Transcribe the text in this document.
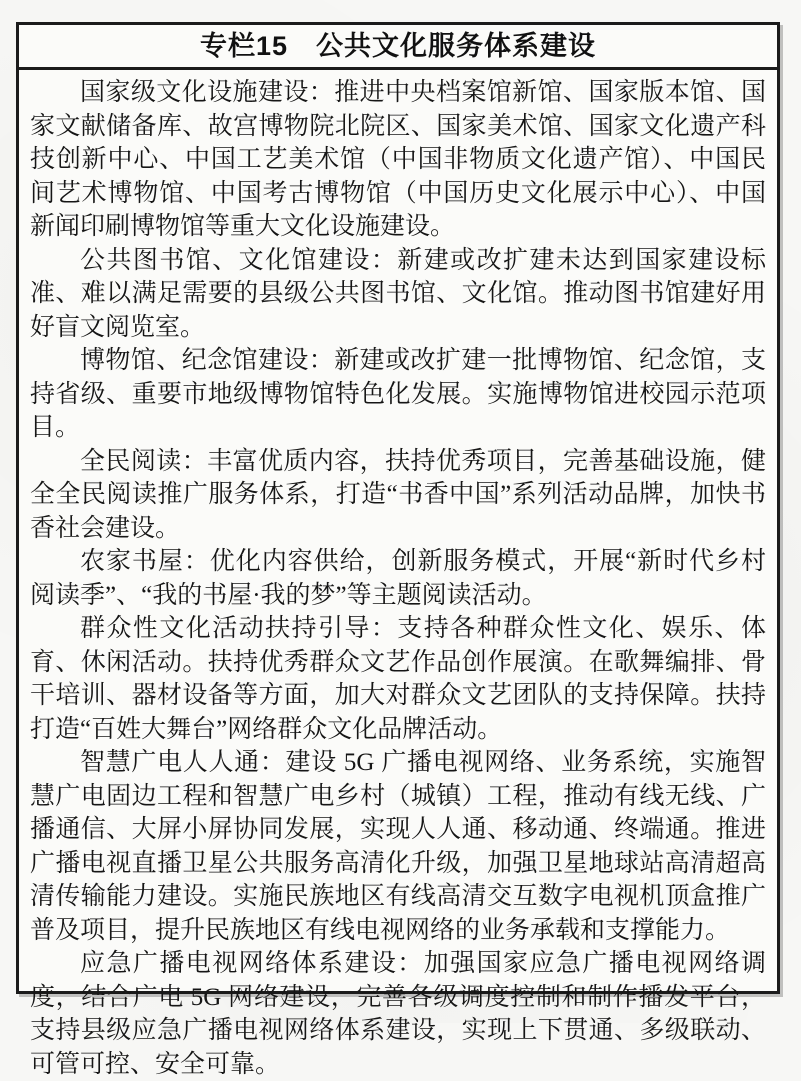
专栏15　公共文化服务体系建设

国家级文化设施建设：推进中央档案馆新馆、国家版本馆、国家文献储备库、故宫博物院北院区、国家美术馆、国家文化遗产科技创新中心、中国工艺美术馆（中国非物质文化遗产馆）、中国民间艺术博物馆、中国考古博物馆（中国历史文化展示中心）、中国新闻印刷博物馆等重大文化设施建设。

公共图书馆、文化馆建设：新建或改扩建未达到国家建设标准、难以满足需要的县级公共图书馆、文化馆。推动图书馆建好用好盲文阅览室。

博物馆、纪念馆建设：新建或改扩建一批博物馆、纪念馆，支持省级、重要市地级博物馆特色化发展。实施博物馆进校园示范项目。

全民阅读：丰富优质内容，扶持优秀项目，完善基础设施，健全全民阅读推广服务体系，打造“书香中国”系列活动品牌，加快书香社会建设。

农家书屋：优化内容供给，创新服务模式，开展“新时代乡村阅读季”、“我的书屋·我的梦”等主题阅读活动。

群众性文化活动扶持引导：支持各种群众性文化、娱乐、体育、休闲活动。扶持优秀群众文艺作品创作展演。在歌舞编排、骨干培训、器材设备等方面，加大对群众文艺团队的支持保障。扶持打造“百姓大舞台”网络群众文化品牌活动。

智慧广电人人通：建设 5G 广播电视网络、业务系统，实施智慧广电固边工程和智慧广电乡村（城镇）工程，推动有线无线、广播通信、大屏小屏协同发展，实现人人通、移动通、终端通。推进广播电视直播卫星公共服务高清化升级，加强卫星地球站高清超高清传输能力建设。实施民族地区有线高清交互数字电视机顶盒推广普及项目，提升民族地区有线电视网络的业务承载和支撑能力。

应急广播电视网络体系建设：加强国家应急广播电视网络调度，结合广电 5G 网络建设，完善各级调度控制和制作播发平台，支持县级应急广播电视网络体系建设，实现上下贯通、多级联动、可管可控、安全可靠。
